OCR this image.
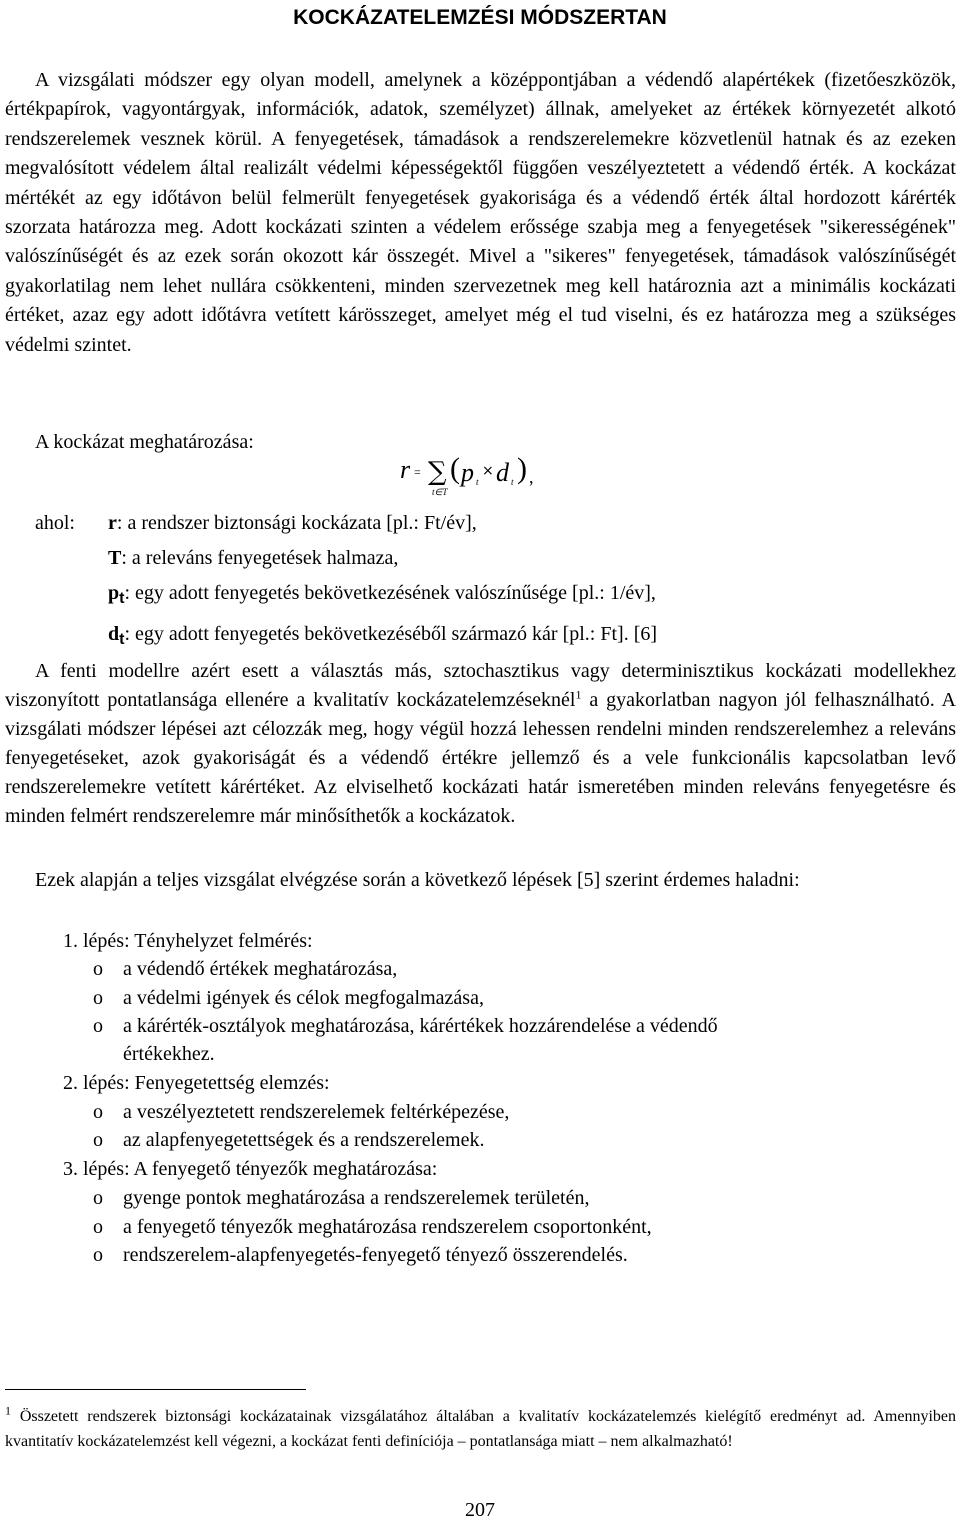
KOCKÁZATELEMZÉSI MÓDSZERTAN

A vizsgálati módszer egy olyan modell, amelynek a középpontjában a védendő alapértékek (fizetőeszközök, értékpapírok, vagyontárgyak, információk, adatok, személyzet) állnak, amelyeket az értékek környezetét alkotó rendszerelemek vesznek körül. A fenyegetések, támadások a rendszerelemekre közvetlenül hatnak és az ezeken megvalósított védelem által realizált védelmi képességektől függően veszélyeztetett a védendő érték. A kockázat mértékét az egy időtávon belül felmerült fenyegetések gyakorisága és a védendő érték által hordozott kárérték szorzata határozza meg. Adott kockázati szinten a védelem erőssége szabja meg a fenyegetések "sikerességének" valószínűségét és az ezek során okozott kár összegét. Mivel a "sikeres" fenyegetések, támadások valószínűségét gyakorlatilag nem lehet nullára csökkenteni, minden szervezetnek meg kell határoznia azt a minimális kockázati értéket, azaz egy adott időtávra vetített kárösszeget, amelyet még el tud viselni, és ez határozza meg a szükséges védelmi szintet.

A kockázat meghatározása:
r = ∑
t∈T
( p t
× d t ) ,
ahol: r: a rendszer biztonsági kockázata [pl.: Ft/év],
T: a releváns fenyegetések halmaza,
$p_t$: egy adott fenyegetés bekövetkezésének valószínűsége [pl.: 1/év],
$d_t$: egy adott fenyegetés bekövetkezéséből származó kár [pl.: Ft]. [6]

A fenti modellre azért esett a választás más, sztochasztikus vagy determinisztikus kockázati modellekhez viszonyított pontatlansága ellenére a kvalitatív kockázatelemzéseknél$^1$ a gyakorlatban nagyon jól felhasználható. A vizsgálati módszer lépései azt célozzák meg, hogy végül hozzá lehessen rendelni minden rendszerelemhez a releváns fenyegetéseket, azok gyakoriságát és a védendő értékre jellemző és a vele funkcionális kapcsolatban levő rendszerelemekre vetített kárértéket. Az elviselhető kockázati határ ismeretében minden releváns fenyegetésre és minden felmért rendszerelemre már minősíthetők a kockázatok.

Ezek alapján a teljes vizsgálat elvégzése során a következő lépések [5] szerint érdemes haladni:

1. lépés: Tényhelyzet felmérés:
o a védendő értékek meghatározása,
o a védelmi igények és célok megfogalmazása,
o a kárérték-osztályok meghatározása, kárértékek hozzárendelése a védendő
értékekhez.
2. lépés: Fenyegetettség elemzés:
o a veszélyeztetett rendszerelemek feltérképezése,
o az alapfenyegetettségek és a rendszerelemek.
3. lépés: A fenyegető tényezők meghatározása:
o gyenge pontok meghatározása a rendszerelemek területén,
o a fenyegető tényezők meghatározása rendszerelem csoportonként,
o rendszerelem-alapfenyegetés-fenyegető tényező összerendelés.

$^1$ Összetett rendszerek biztonsági kockázatainak vizsgálatához általában a kvalitatív kockázatelemzés kielégítő eredményt ad. Amennyiben kvantitatív kockázatelemzést kell végezni, a kockázat fenti definíciója – pontatlansága miatt – nem alkalmazható!

207
